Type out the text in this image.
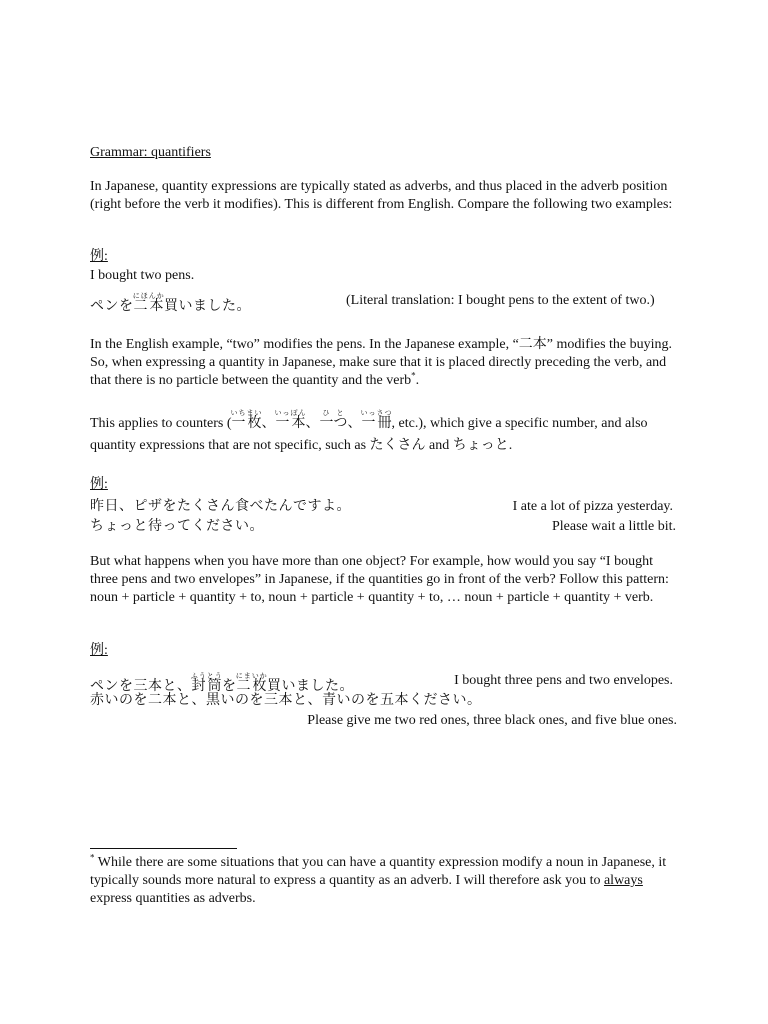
Grammar: quantifiers
In Japanese, quantity expressions are typically stated as adverbs, and thus placed in the adverb position (right before the verb it modifies). This is different from English. Compare the following two examples:
例:
I bought two pens.
ペンを二本にほんか買いました。	(Literal translation: I bought pens to the extent of two.)
In the English example, “two” modifies the pens. In the Japanese example, “二本” modifies the buying. So, when expressing a quantity in Japanese, make sure that it is placed directly preceding the verb, and that there is no particle between the quantity and the verb*.
This applies to counters (一枚いちまい、一本いっぽん、一つひと、一冊いっさつ, etc.), which give a specific number, and also quantity expressions that are not specific, such as たくさん and ちょっと.
例:
昨日、ピザをたくさん食べたんですよ。	I ate a lot of pizza yesterday.
ちょっと待ってください。	Please wait a little bit.
But what happens when you have more than one object? For example, how would you say “I bought three pens and two envelopes” in Japanese, if the quantities go in front of the verb? Follow this pattern: noun + particle + quantity + to, noun + particle + quantity + to, … noun + particle + quantity + verb.
例:
ペンを三本と、封筒ふうとうを二枚にまいか買いました。	I bought three pens and two envelopes.
赤いのを二本と、黒いのを三本と、青いのを五本ください。
Please give me two red ones, three black ones, and five blue ones.
* While there are some situations that you can have a quantity expression modify a noun in Japanese, it typically sounds more natural to express a quantity as an adverb. I will therefore ask you to always express quantities as adverbs.
